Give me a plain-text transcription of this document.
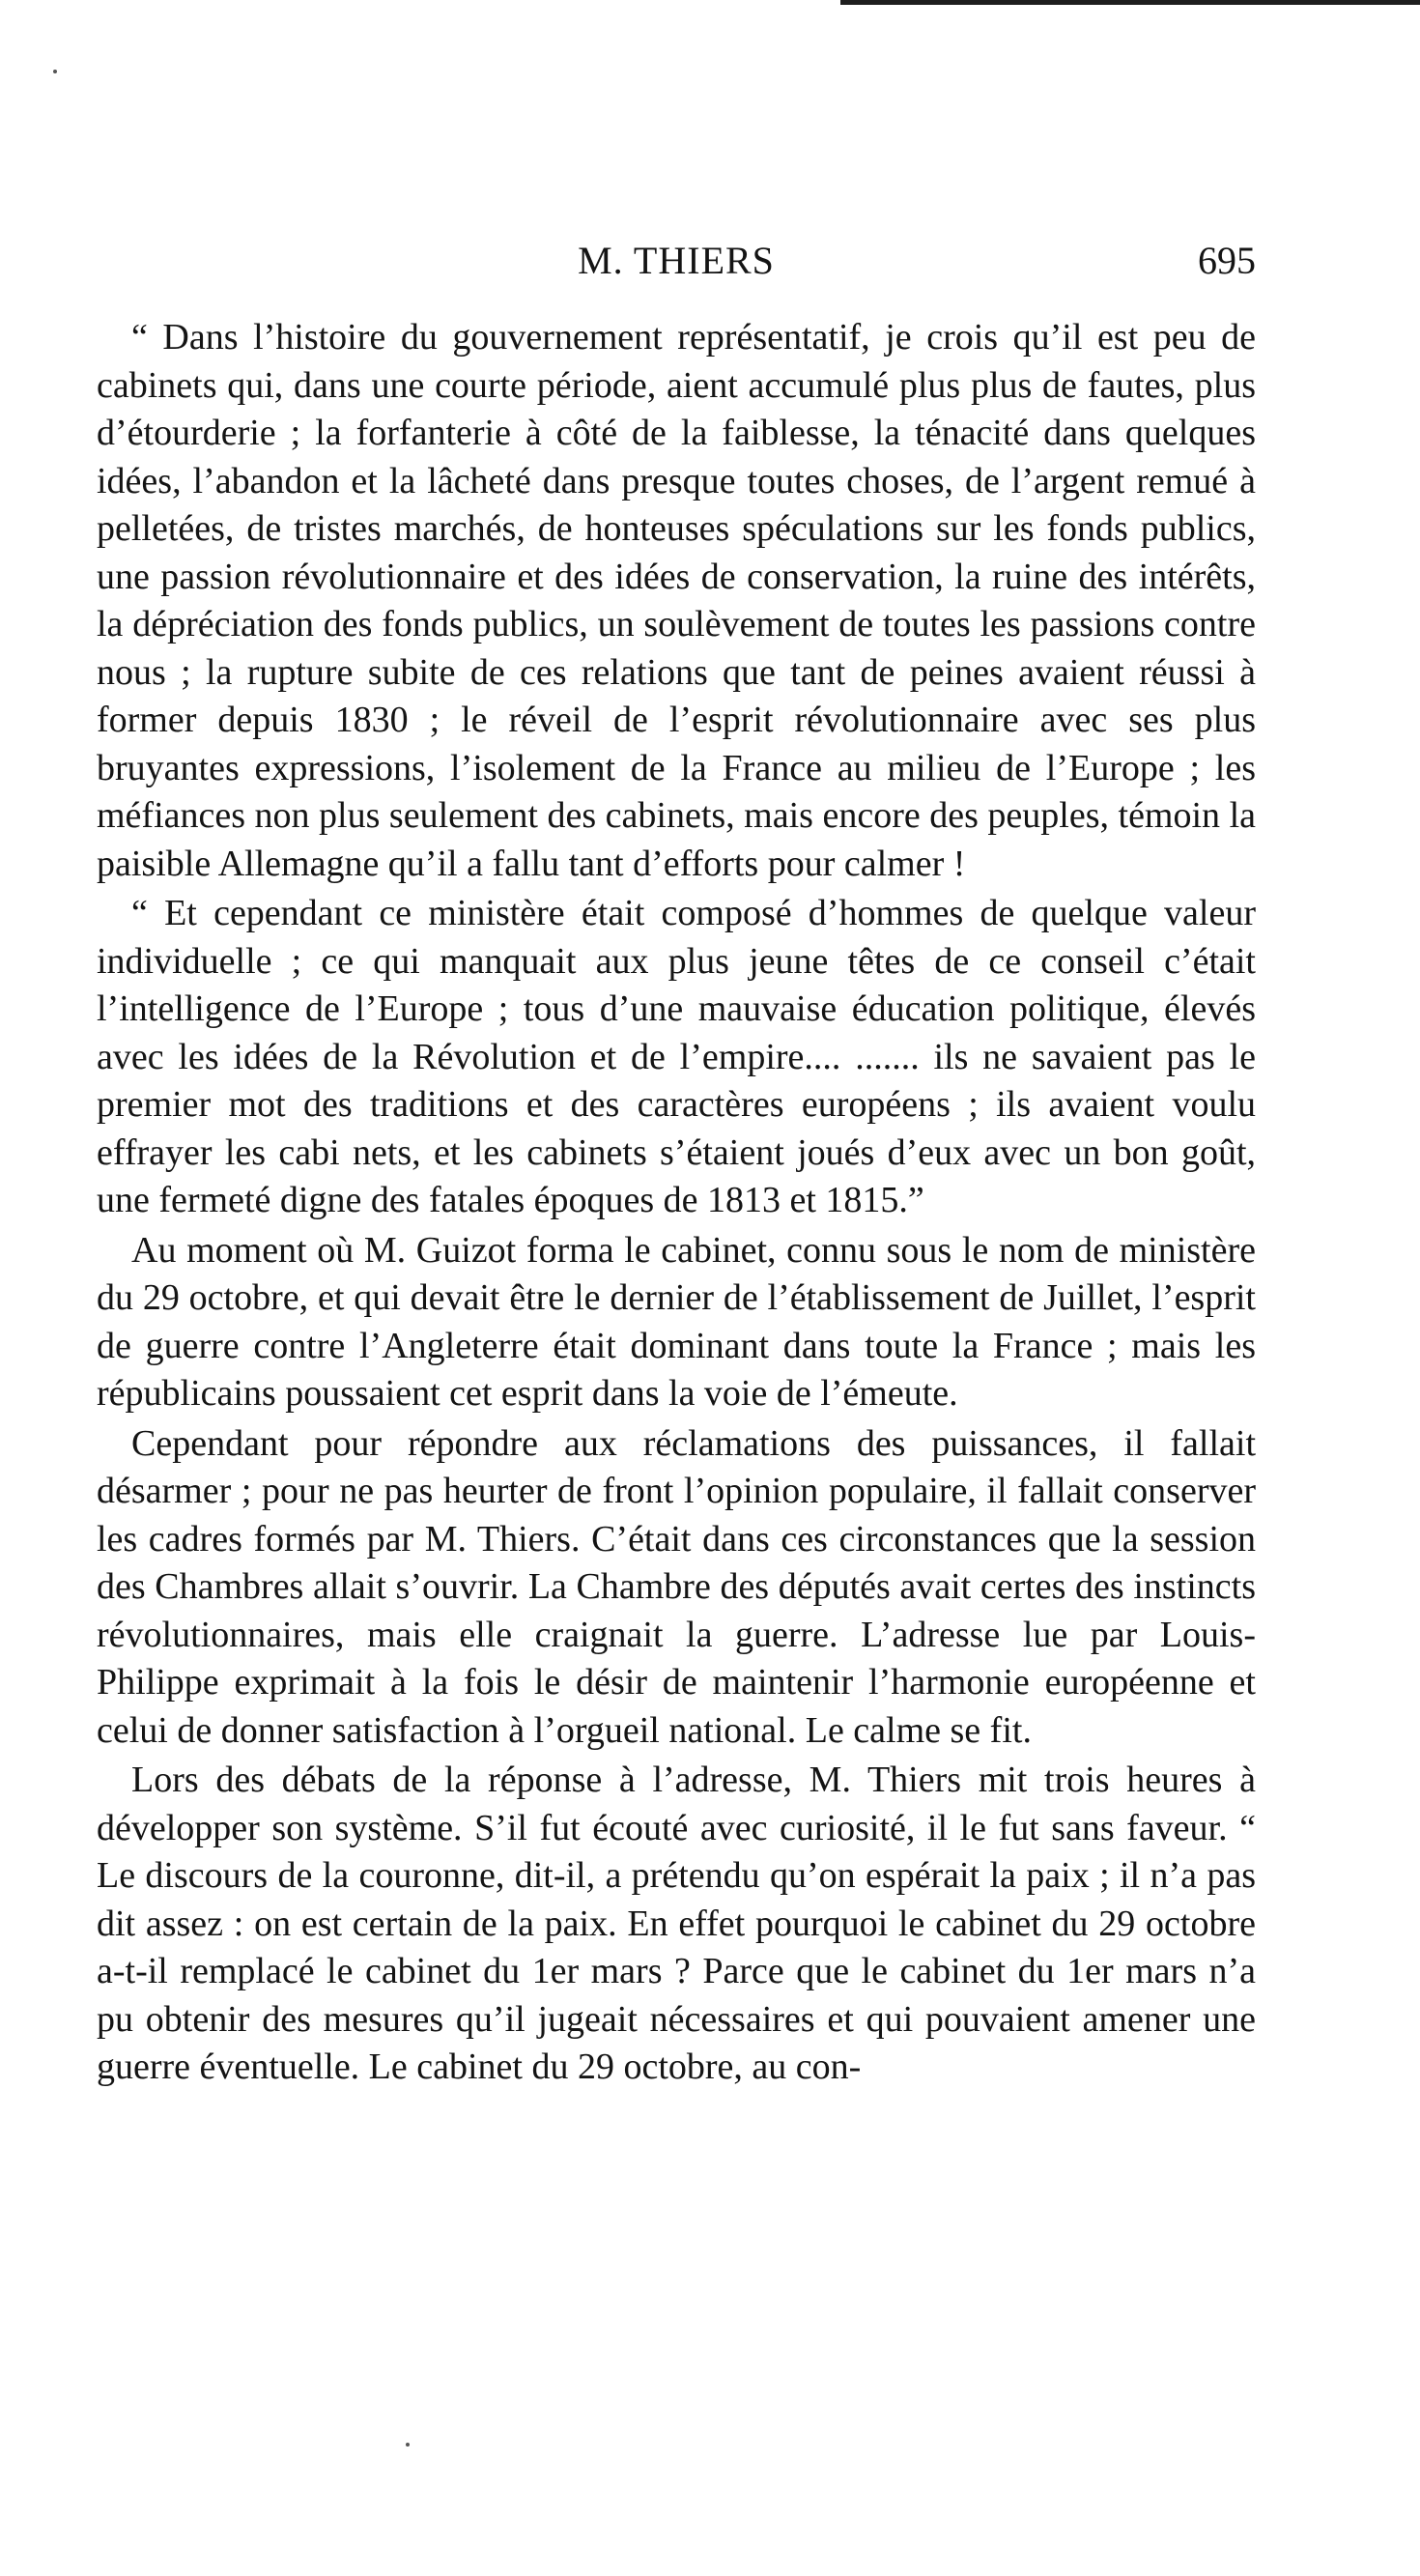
M. THIERS	695

“ Dans l’histoire du gouvernement représentatif, je crois qu’il est peu de cabinets qui, dans une courte période, aient accumulé plus plus de fautes, plus d’étourderie ; la forfanterie à côté de la faiblesse, la ténacité dans quelques idées, l’abandon et la lâcheté dans presque toutes choses, de l’argent remué à pelletées, de tristes marchés, de honteuses spéculations sur les fonds publics, une passion révolutionnaire et des idées de conservation, la ruine des intérêts, la dépréciation des fonds publics, un soulèvement de toutes les passions contre nous ; la rupture subite de ces relations que tant de peines avaient réussi à former depuis 1830 ; le réveil de l’esprit révolutionnaire avec ses plus bruyantes expressions, l’isolement de la France au milieu de l’Europe ; les méfiances non plus seulement des cabinets, mais encore des peuples, témoin la paisible Allemagne qu’il a fallu tant d’efforts pour calmer !

“ Et cependant ce ministère était composé d’hommes de quelque valeur individuelle ; ce qui manquait aux plus jeune têtes de ce conseil c’était l’intelligence de l’Europe ; tous d’une mauvaise éducation politique, élevés avec les idées de la Révolution et de l’empire.... ....... ils ne savaient pas le premier mot des traditions et des caractères européens ; ils avaient voulu effrayer les cabi nets, et les cabinets s’étaient joués d’eux avec un bon goût, une fermeté digne des fatales époques de 1813 et 1815.”

Au moment où M. Guizot forma le cabinet, connu sous le nom de ministère du 29 octobre, et qui devait être le dernier de l’établissement de Juillet, l’esprit de guerre contre l’Angleterre était dominant dans toute la France ; mais les républicains poussaient cet esprit dans la voie de l’émeute.

Cependant pour répondre aux réclamations des puissances, il fallait désarmer ; pour ne pas heurter de front l’opinion populaire, il fallait conserver les cadres formés par M. Thiers. C’était dans ces circonstances que la session des Chambres allait s’ouvrir. La Chambre des députés avait certes des instincts révolutionnaires, mais elle craignait la guerre. L’adresse lue par Louis-Philippe exprimait à la fois le désir de maintenir l’harmonie européenne et celui de donner satisfaction à l’orgueil national. Le calme se fit.

Lors des débats de la réponse à l’adresse, M. Thiers mit trois heures à développer son système. S’il fut écouté avec curiosité, il le fut sans faveur. “ Le discours de la couronne, dit-il, a prétendu qu’on espérait la paix ; il n’a pas dit assez : on est certain de la paix. En effet pourquoi le cabinet du 29 octobre a-t-il remplacé le cabinet du 1er mars ? Parce que le cabinet du 1er mars n’a pu obtenir des mesures qu’il jugeait nécessaires et qui pouvaient amener une guerre éventuelle. Le cabinet du 29 octobre, au con-
